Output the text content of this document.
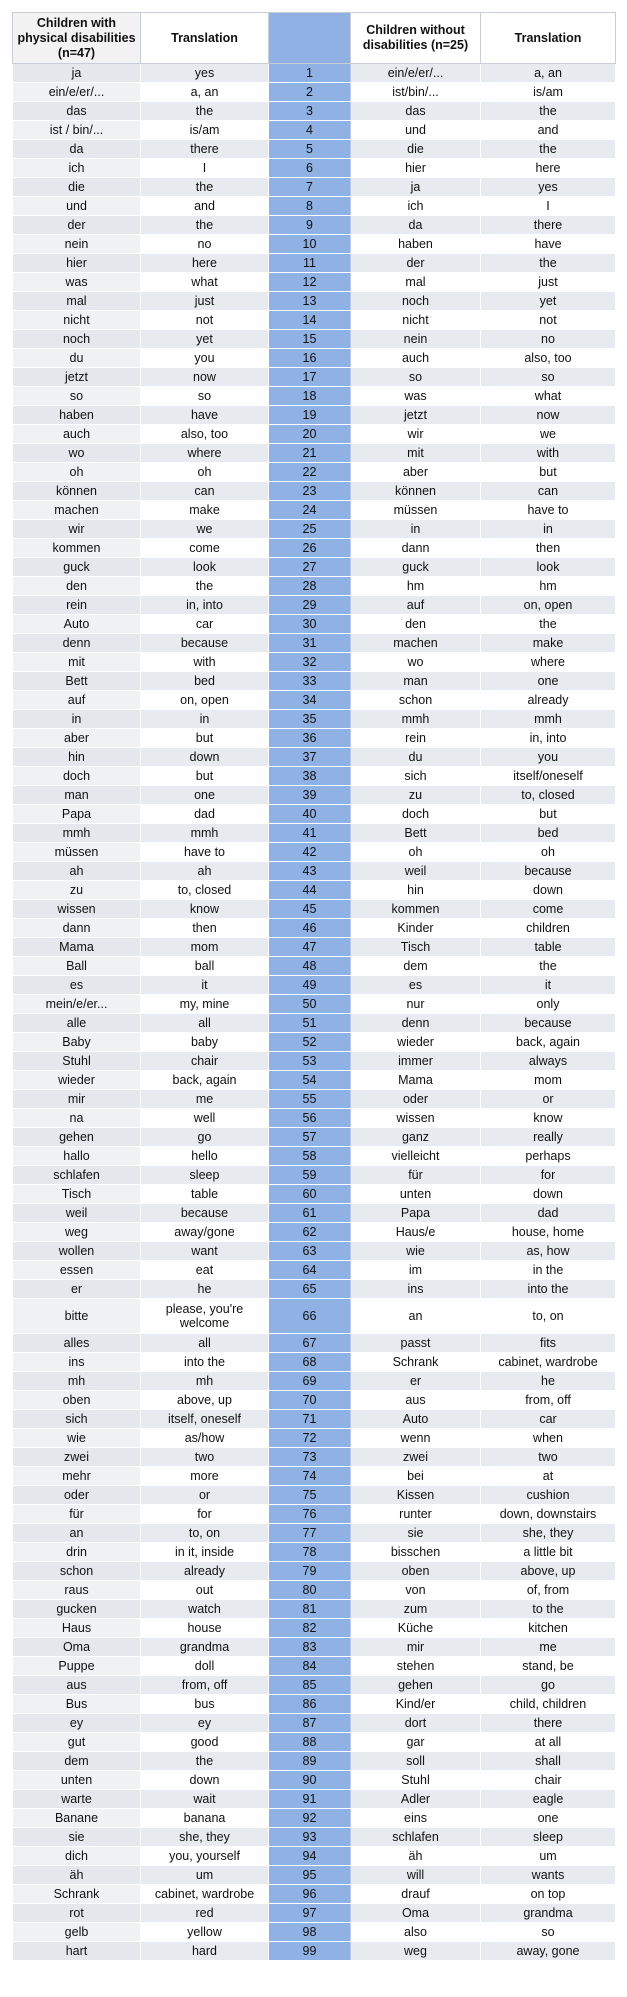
Children with physical disabilities (n=47)	Translation		Children without disabilities (n=25)	Translation
ja	yes	1	ein/e/er/...	a, an
ein/e/er/...	a, an	2	ist/bin/...	is/am
das	the	3	das	the
ist / bin/...	is/am	4	und	and
da	there	5	die	the
ich	I	6	hier	here
die	the	7	ja	yes
und	and	8	ich	I
der	the	9	da	there
nein	no	10	haben	have
hier	here	11	der	the
was	what	12	mal	just
mal	just	13	noch	yet
nicht	not	14	nicht	not
noch	yet	15	nein	no
du	you	16	auch	also, too
jetzt	now	17	so	so
so	so	18	was	what
haben	have	19	jetzt	now
auch	also, too	20	wir	we
wo	where	21	mit	with
oh	oh	22	aber	but
können	can	23	können	can
machen	make	24	müssen	have to
wir	we	25	in	in
kommen	come	26	dann	then
guck	look	27	guck	look
den	the	28	hm	hm
rein	in, into	29	auf	on, open
Auto	car	30	den	the
denn	because	31	machen	make
mit	with	32	wo	where
Bett	bed	33	man	one
auf	on, open	34	schon	already
in	in	35	mmh	mmh
aber	but	36	rein	in, into
hin	down	37	du	you
doch	but	38	sich	itself/oneself
man	one	39	zu	to, closed
Papa	dad	40	doch	but
mmh	mmh	41	Bett	bed
müssen	have to	42	oh	oh
ah	ah	43	weil	because
zu	to, closed	44	hin	down
wissen	know	45	kommen	come
dann	then	46	Kinder	children
Mama	mom	47	Tisch	table
Ball	ball	48	dem	the
es	it	49	es	it
mein/e/er...	my, mine	50	nur	only
alle	all	51	denn	because
Baby	baby	52	wieder	back, again
Stuhl	chair	53	immer	always
wieder	back, again	54	Mama	mom
mir	me	55	oder	or
na	well	56	wissen	know
gehen	go	57	ganz	really
hallo	hello	58	vielleicht	perhaps
schlafen	sleep	59	für	for
Tisch	table	60	unten	down
weil	because	61	Papa	dad
weg	away/gone	62	Haus/e	house, home
wollen	want	63	wie	as, how
essen	eat	64	im	in the
er	he	65	ins	into the
bitte	please, you're welcome	66	an	to, on
alles	all	67	passt	fits
ins	into the	68	Schrank	cabinet, wardrobe
mh	mh	69	er	he
oben	above, up	70	aus	from, off
sich	itself, oneself	71	Auto	car
wie	as/how	72	wenn	when
zwei	two	73	zwei	two
mehr	more	74	bei	at
oder	or	75	Kissen	cushion
für	for	76	runter	down, downstairs
an	to, on	77	sie	she, they
drin	in it, inside	78	bisschen	a little bit
schon	already	79	oben	above, up
raus	out	80	von	of, from
gucken	watch	81	zum	to the
Haus	house	82	Küche	kitchen
Oma	grandma	83	mir	me
Puppe	doll	84	stehen	stand, be
aus	from, off	85	gehen	go
Bus	bus	86	Kind/er	child, children
ey	ey	87	dort	there
gut	good	88	gar	at all
dem	the	89	soll	shall
unten	down	90	Stuhl	chair
warte	wait	91	Adler	eagle
Banane	banana	92	eins	one
sie	she, they	93	schlafen	sleep
dich	you, yourself	94	äh	um
äh	um	95	will	wants
Schrank	cabinet, wardrobe	96	drauf	on top
rot	red	97	Oma	grandma
gelb	yellow	98	also	so
hart	hard	99	weg	away, gone
